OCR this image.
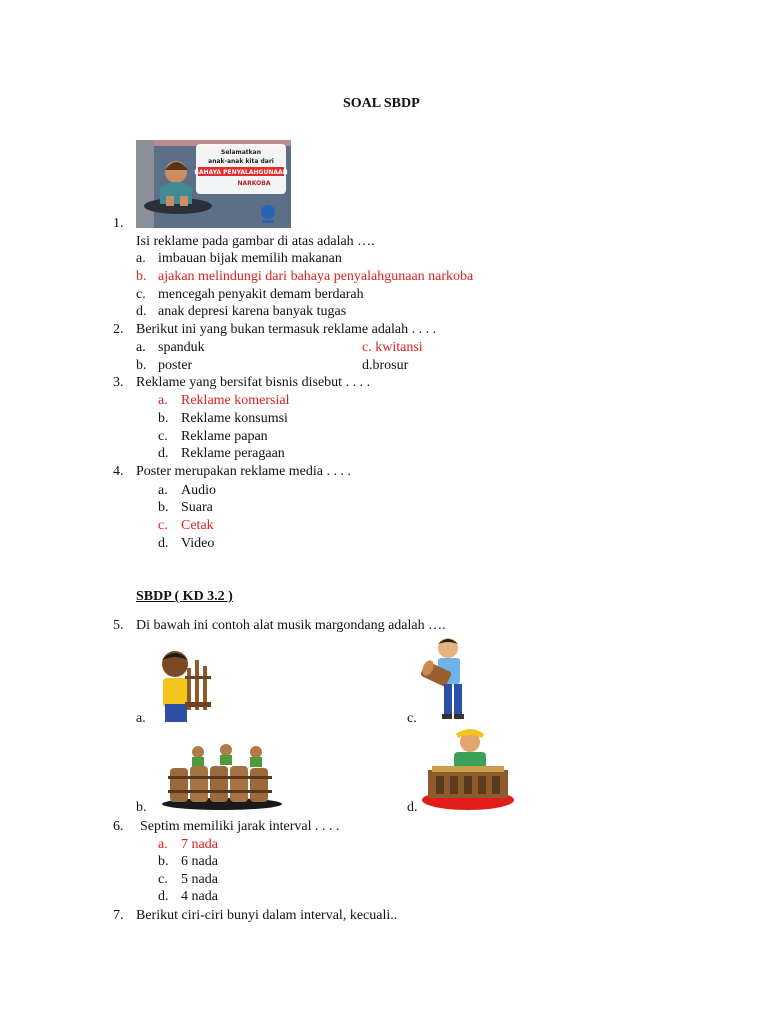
SOAL SBDP
Selamatkan
anak-anak kita dari
BAHAYA PENYALAHGUNAAN
NARKOBA
1.
Isi reklame pada gambar di atas adalah ….
a. imbauan bijak memilih makanan
b. ajakan melindungi dari bahaya penyalahgunaan narkoba
c. mencegah penyakit demam berdarah
d. anak depresi karena banyak tugas
2. Berikut ini yang bukan termasuk reklame adalah . . . .
a. spanduk	c. kwitansi
b. poster	d.brosur
3. Reklame yang bersifat bisnis disebut . . . .
a. Reklame komersial
b. Reklame konsumsi
c. Reklame papan
d. Reklame peragaan
4. Poster merupakan reklame media . . . .
a. Audio
b. Suara
c. Cetak
d. Video
SBDP ( KD 3.2 )
5. Di bawah ini contoh alat musik margondang adalah ….
a.	c.
b.	d.
6. Septim memiliki jarak interval . . . .
a. 7 nada
b. 6 nada
c. 5 nada
d. 4 nada
7. Berikut ciri-ciri bunyi dalam interval, kecuali..
